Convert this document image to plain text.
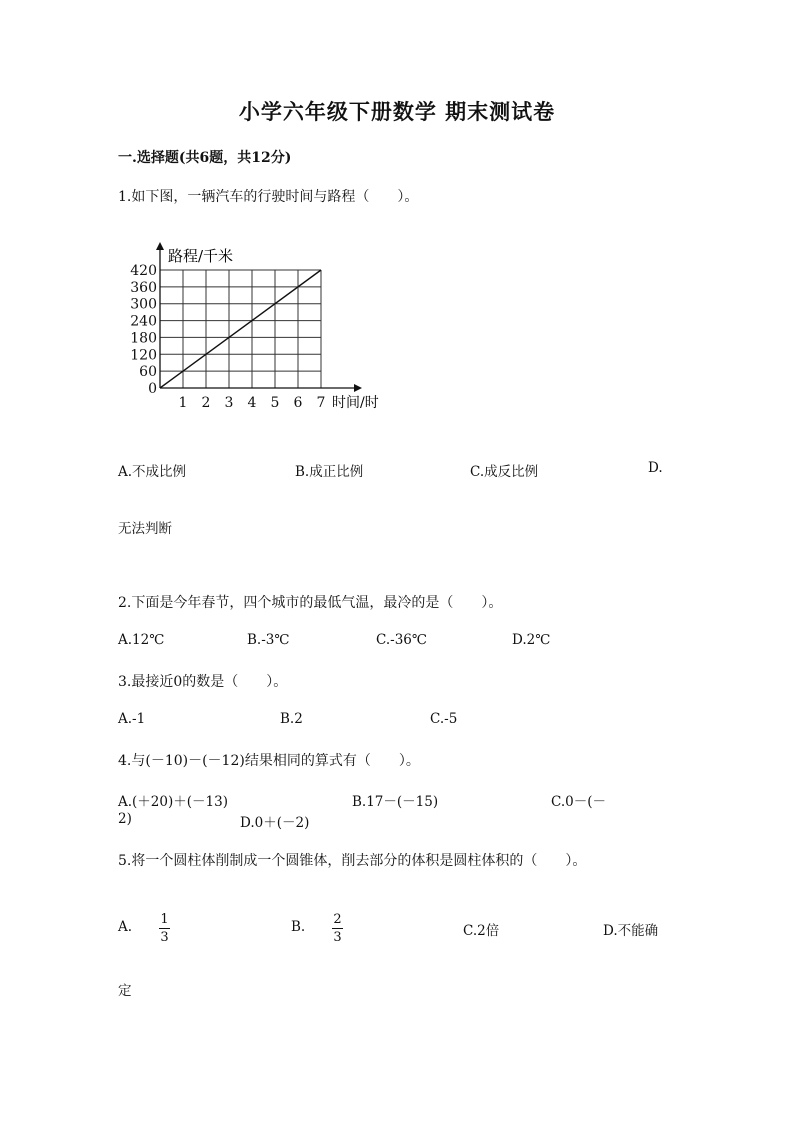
小学六年级下册数学 期末测试卷
一.选择题(共6题，共12分)
1.如下图，一辆汽车的行驶时间与路程（　　）。
0
60
120
180
240
300
360
420
1 2 3 4 5 6 7
路程/千米
时间/时
A.不成比例	B.成正比例	C.成反比例	D.
无法判断
2.下面是今年春节，四个城市的最低气温，最冷的是（　　）。
A.12℃	B.-3℃	C.-36℃	D.2℃
3.最接近0的数是（　　）。
A.-1	B.2	C.-5
4.与(－10)－(－12)结果相同的算式有（　　）。
A.(＋20)＋(－13)	B.17－(－15)	C.0－(－
2)	D.0＋(－2)
5.将一个圆柱体削制成一个圆锥体，削去部分的体积是圆柱体积的（　　）。
A. 1
3
B. 2
3	C.2倍	D.不能确
定
